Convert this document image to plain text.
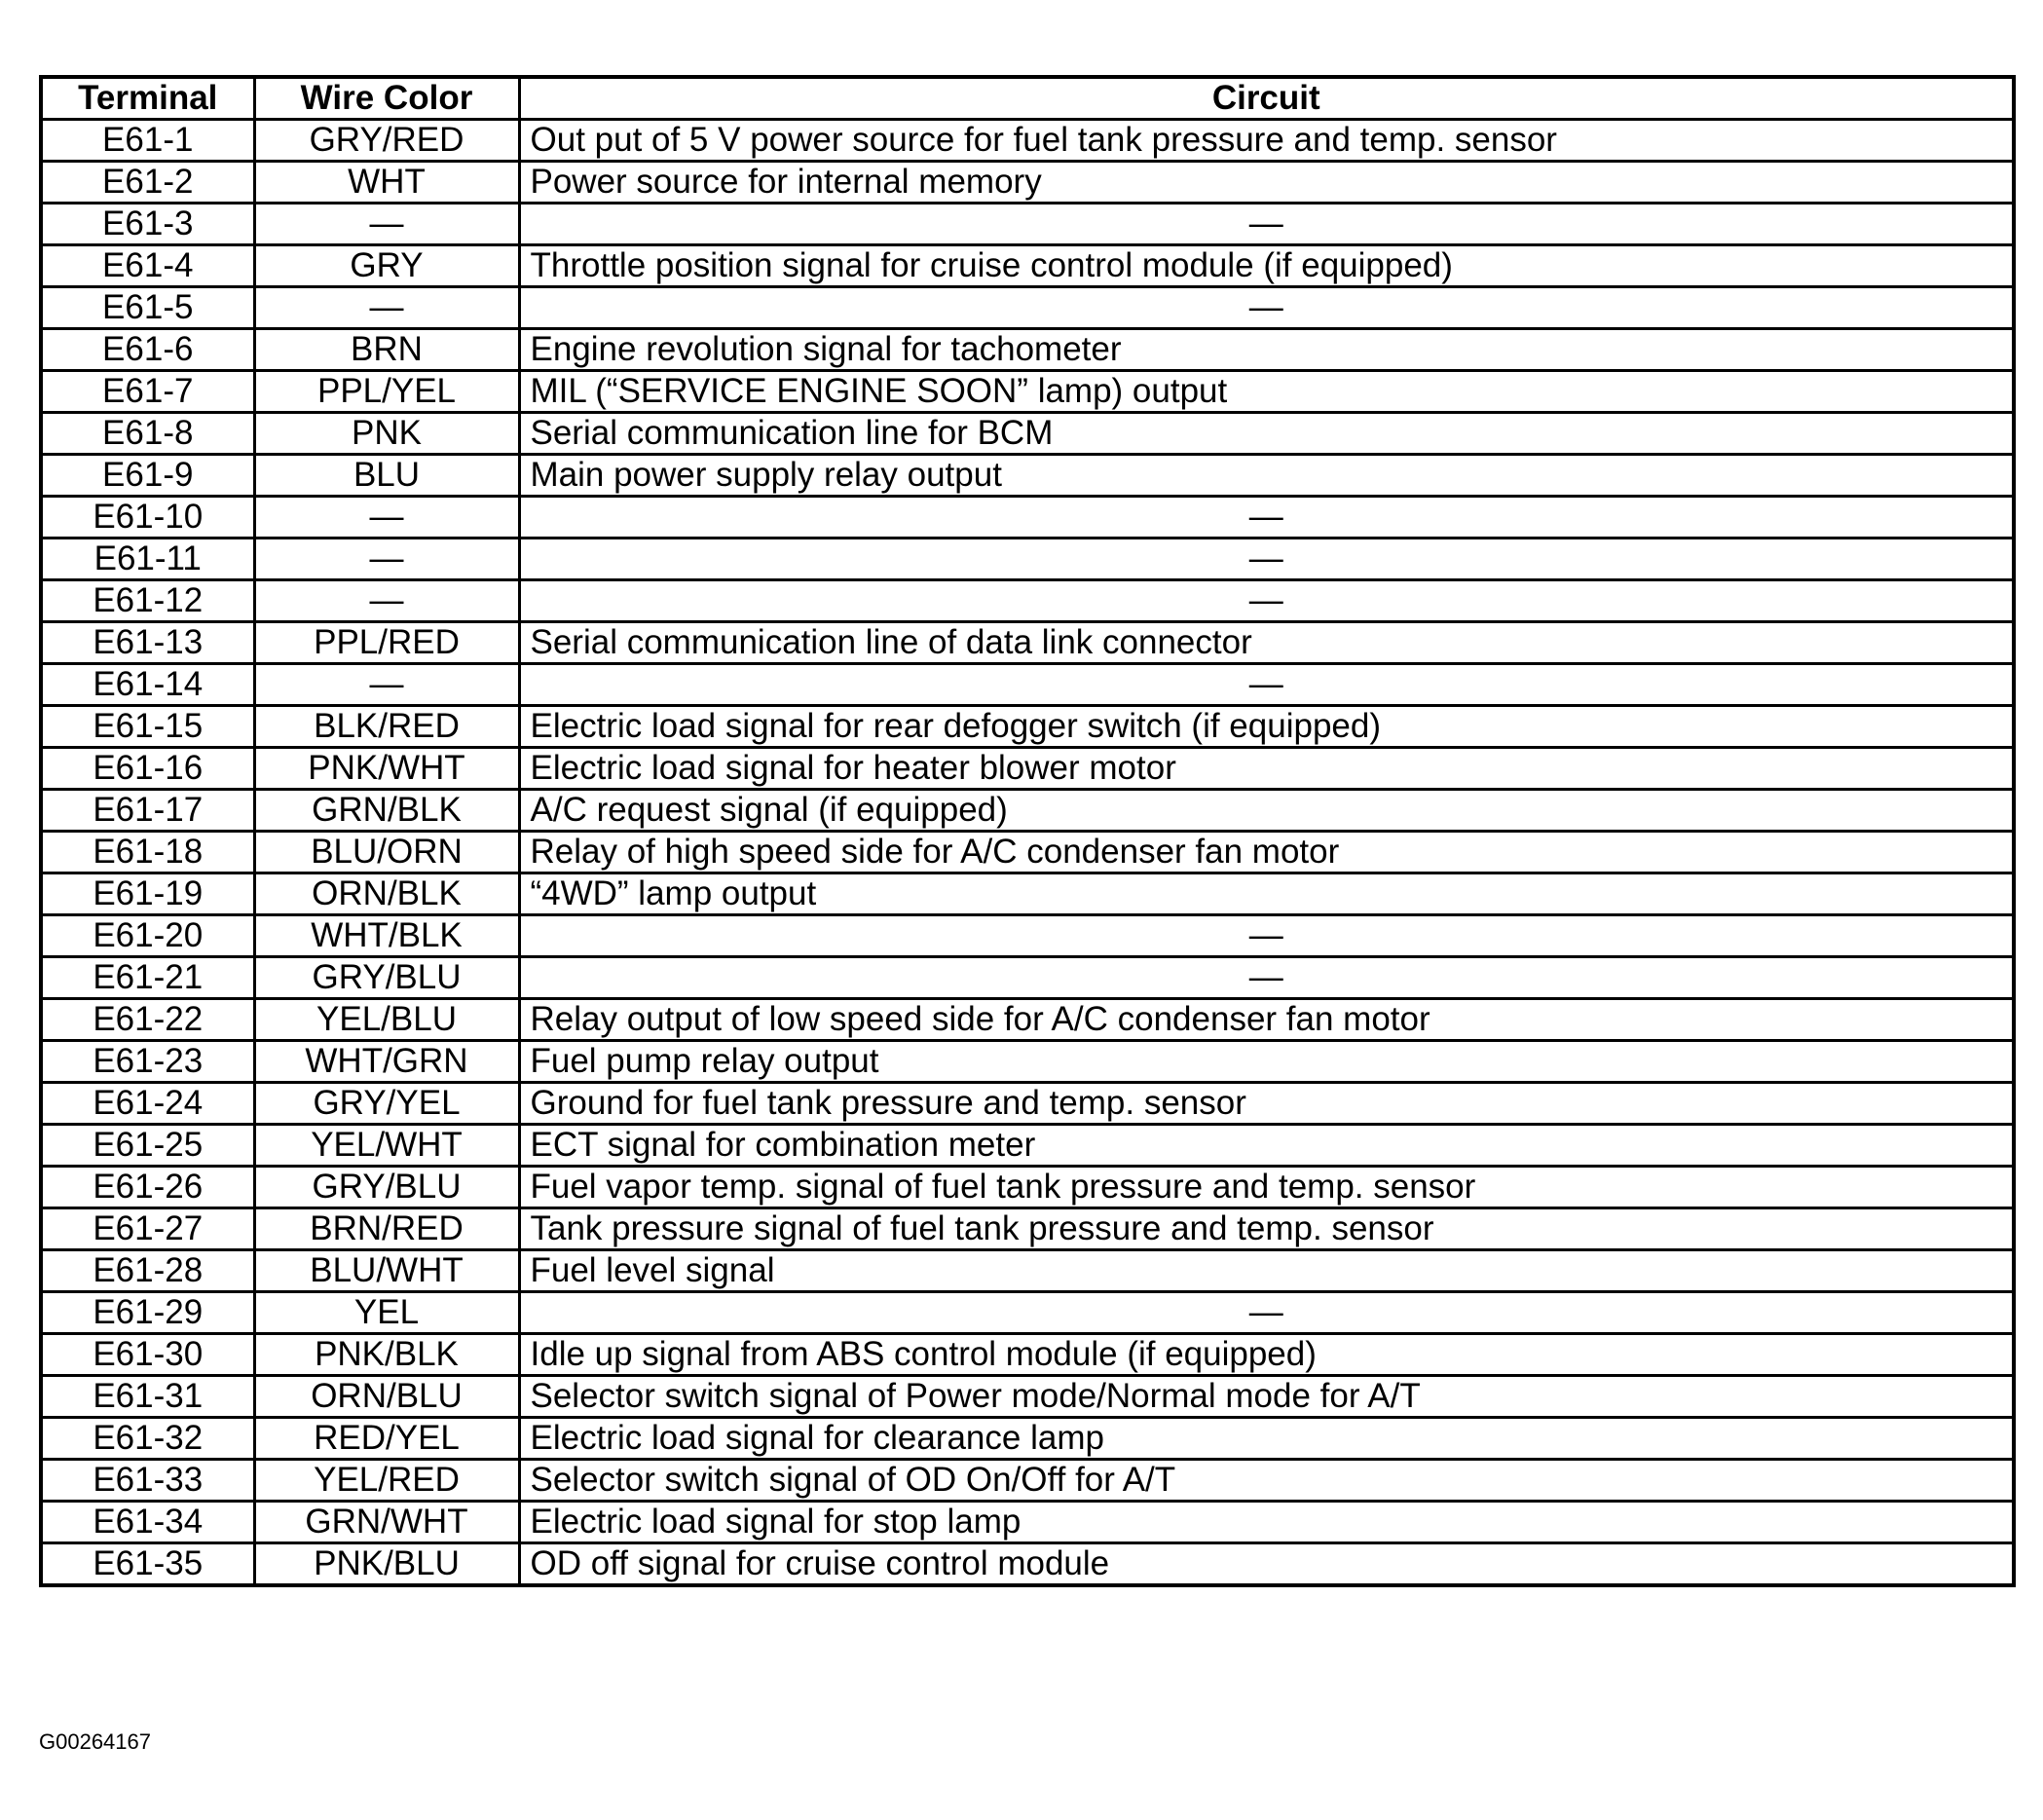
Terminal	Wire Color	Circuit
E61-1	GRY/RED	Out put of 5 V power source for fuel tank pressure and temp. sensor
E61-2	WHT	Power source for internal memory
E61-3	—	—
E61-4	GRY	Throttle position signal for cruise control module (if equipped)
E61-5	—	—
E61-6	BRN	Engine revolution signal for tachometer
E61-7	PPL/YEL	MIL (“SERVICE ENGINE SOON” lamp) output
E61-8	PNK	Serial communication line for BCM
E61-9	BLU	Main power supply relay output
E61-10	—	—
E61-11	—	—
E61-12	—	—
E61-13	PPL/RED	Serial communication line of data link connector
E61-14	—	—
E61-15	BLK/RED	Electric load signal for rear defogger switch (if equipped)
E61-16	PNK/WHT	Electric load signal for heater blower motor
E61-17	GRN/BLK	A/C request signal (if equipped)
E61-18	BLU/ORN	Relay of high speed side for A/C condenser fan motor
E61-19	ORN/BLK	“4WD” lamp output
E61-20	WHT/BLK	—
E61-21	GRY/BLU	—
E61-22	YEL/BLU	Relay output of low speed side for A/C condenser fan motor
E61-23	WHT/GRN	Fuel pump relay output
E61-24	GRY/YEL	Ground for fuel tank pressure and temp. sensor
E61-25	YEL/WHT	ECT signal for combination meter
E61-26	GRY/BLU	Fuel vapor temp. signal of fuel tank pressure and temp. sensor
E61-27	BRN/RED	Tank pressure signal of fuel tank pressure and temp. sensor
E61-28	BLU/WHT	Fuel level signal
E61-29	YEL	—
E61-30	PNK/BLK	Idle up signal from ABS control module (if equipped)
E61-31	ORN/BLU	Selector switch signal of Power mode/Normal mode for A/T
E61-32	RED/YEL	Electric load signal for clearance lamp
E61-33	YEL/RED	Selector switch signal of OD On/Off for A/T
E61-34	GRN/WHT	Electric load signal for stop lamp
E61-35	PNK/BLU	OD off signal for cruise control module
G00264167
